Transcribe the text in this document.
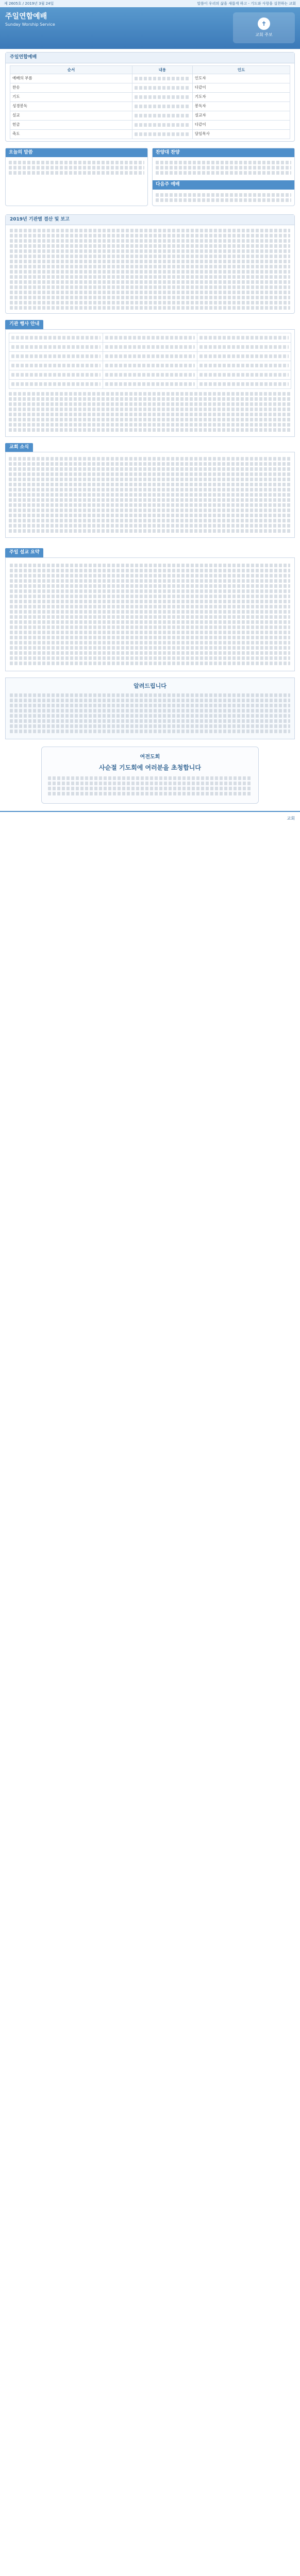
제 2605호 / 2019년 3월 24일	말씀이 우리의 삶을 새롭게 하고 - 기도와 사랑을 실천하는 교회
주일연합예배
Sunday Worship Service	✝
교회 주보
주일연합예배
순서	내용	인도
예배의 부름		인도자
찬송		다같이
기도		기도자
성경봉독		봉독자
설교		설교자
헌금		다같이
축도		담임목사
오늘의 말씀	찬양대 찬양
다음주 예배
2019년 기관별 결산 및 보고
기관 행사 안내

교회 소식
주일 설교 요약
알려드립니다
여전도회
사순절 기도회에 여러분을 초청합니다
교회
